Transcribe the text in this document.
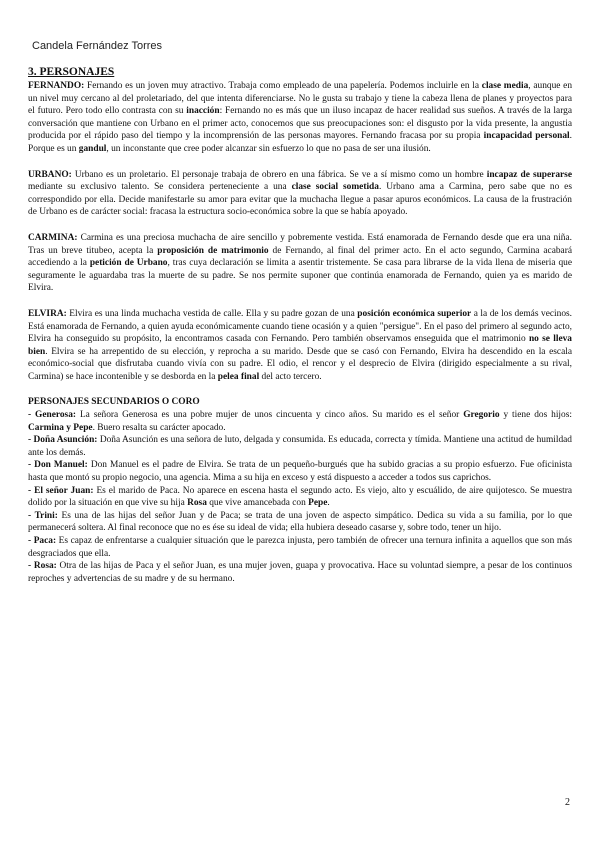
Candela Fernández Torres
3. PERSONAJES

FERNANDO: Fernando es un joven muy atractivo. Trabaja como empleado de una papelería. Podemos incluirle en la clase media, aunque en un nivel muy cercano al del proletariado, del que intenta diferenciarse. No le gusta su trabajo y tiene la cabeza llena de planes y proyectos para el futuro. Pero todo ello contrasta con su inacción: Fernando no es más que un iluso incapaz de hacer realidad sus sueños. A través de la larga conversación que mantiene con Urbano en el primer acto, conocemos que sus preocupaciones son: el disgusto por la vida presente, la angustia producida por el rápido paso del tiempo y la incomprensión de las personas mayores. Fernando fracasa por su propia incapacidad personal. Porque es un gandul, un inconstante que cree poder alcanzar sin esfuerzo lo que no pasa de ser una ilusión.

URBANO: Urbano es un proletario. El personaje trabaja de obrero en una fábrica. Se ve a sí mismo como un hombre incapaz de superarse mediante su exclusivo talento. Se considera perteneciente a una clase social sometida. Urbano ama a Carmina, pero sabe que no es correspondido por ella. Decide manifestarle su amor para evitar que la muchacha llegue a pasar apuros económicos. La causa de la frustración de Urbano es de carácter social: fracasa la estructura socio-económica sobre la que se había apoyado.

CARMINA: Carmina es una preciosa muchacha de aire sencillo y pobremente vestida. Está enamorada de Fernando desde que era una niña. Tras un breve titubeo, acepta la proposición de matrimonio de Fernando, al final del primer acto. En el acto segundo, Carmina acabará accediendo a la petición de Urbano, tras cuya declaración se limita a asentir tristemente. Se casa para librarse de la vida llena de miseria que seguramente le aguardaba tras la muerte de su padre. Se nos permite suponer que continúa enamorada de Fernando, quien ya es marido de Elvira.

ELVIRA: Elvira es una linda muchacha vestida de calle. Ella y su padre gozan de una posición económica superior a la de los demás vecinos. Está enamorada de Fernando, a quien ayuda económicamente cuando tiene ocasión y a quien "persigue". En el paso del primero al segundo acto, Elvira ha conseguido su propósito, la encontramos casada con Fernando. Pero también observamos enseguida que el matrimonio no se lleva bien. Elvira se ha arrepentido de su elección, y reprocha a su marido. Desde que se casó con Fernando, Elvira ha descendido en la escala económico-social que disfrutaba cuando vivía con su padre. El odio, el rencor y el desprecio de Elvira (dirigido especialmente a su rival, Carmina) se hace incontenible y se desborda en la pelea final del acto tercero.

PERSONAJES SECUNDARIOS O CORO

- Generosa: La señora Generosa es una pobre mujer de unos cincuenta y cinco años. Su marido es el señor Gregorio y tiene dos hijos: Carmina y Pepe. Buero resalta su carácter apocado.

- Doña Asunción: Doña Asunción es una señora de luto, delgada y consumida. Es educada, correcta y tímida. Mantiene una actitud de humildad ante los demás.

- Don Manuel: Don Manuel es el padre de Elvira. Se trata de un pequeño-burgués que ha subido gracias a su propio esfuerzo. Fue oficinista hasta que montó su propio negocio, una agencia. Mima a su hija en exceso y está dispuesto a acceder a todos sus caprichos.

- El señor Juan: Es el marido de Paca. No aparece en escena hasta el segundo acto. Es viejo, alto y escuálido, de aire quijotesco. Se muestra dolido por la situación en que vive su hija Rosa que vive amancebada con Pepe.

- Trini: Es una de las hijas del señor Juan y de Paca; se trata de una joven de aspecto simpático. Dedica su vida a su familia, por lo que permanecerá soltera. Al final reconoce que no es ése su ideal de vida; ella hubiera deseado casarse y, sobre todo, tener un hijo.

- Paca: Es capaz de enfrentarse a cualquier situación que le parezca injusta, pero también de ofrecer una ternura infinita a aquellos que son más desgraciados que ella.

- Rosa: Otra de las hijas de Paca y el señor Juan, es una mujer joven, guapa y provocativa. Hace su voluntad siempre, a pesar de los continuos reproches y advertencias de su madre y de su hermano.

2
